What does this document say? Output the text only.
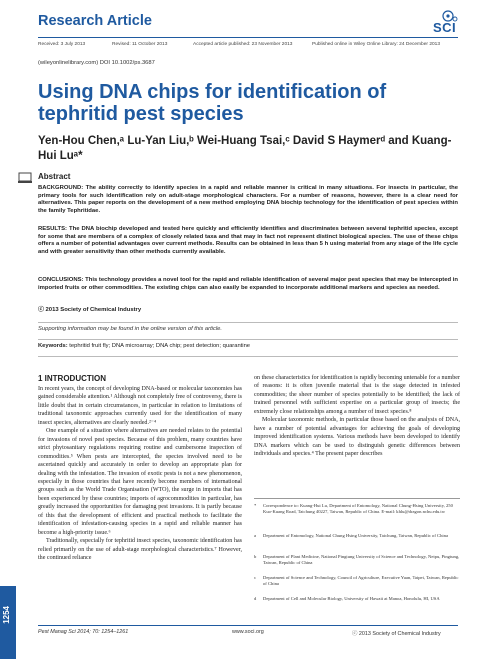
Research Article	SCI
Received: 3 July 2013	Revised: 11 October 2013	Accepted article published: 23 November 2013	Published online in Wiley Online Library: 24 December 2013
(wileyonlinelibrary.com) DOI 10.1002/ps.3687
Using DNA chips for identification of tephritid pest species
Yen-Hou Chen,ᵃ Lu-Yan Liu,ᵇ Wei-Huang Tsai,ᶜ David S Haymerᵈ and Kuang-Hui Luᵃ*
Abstract
BACKGROUND: The ability correctly to identify species in a rapid and reliable manner is critical in many situations. For insects in particular, the primary tools for such identification rely on adult-stage morphological characters. For a number of reasons, however, there is a clear need for alternatives. This paper reports on the development of a new method employing DNA biochip technology for the identification of pest species within the family Tephritidae.
RESULTS: The DNA biochip developed and tested here quickly and efficiently identifies and discriminates between several tephritid species, except for some that are members of a complex of closely related taxa and that may in fact not represent distinct biological species. The use of these chips offers a number of potential advantages over current methods. Results can be obtained in less than 5 h using material from any stage of the life cycle and with greater sensitivity than other methods currently available.
CONCLUSIONS: This technology provides a novel tool for the rapid and reliable identification of several major pest species that may be intercepted in imported fruits or other commodities. The existing chips can also easily be expanded to incorporate additional markers and species as needed.
ⓒ 2013 Society of Chemical Industry
Supporting information may be found in the online version of this article.
Keywords: tephritid fruit fly; DNA microarray; DNA chip; pest detection; quarantine
1 INTRODUCTION
In recent years, the concept of developing DNA-based or molecular taxonomies has gained considerable attention.¹ Although not completely free of controversy, there is little doubt that in certain circumstances, in particular in relation to limitations of traditional taxonomic approaches currently used for the identification of many insect species, alternatives are clearly needed.²⁻⁴
One example of a situation where alternatives are needed relates to the potential for invasions of novel pest species. Because of this problem, many countries have strict phytosanitary regulations requiring routine and cumbersome inspection of commodities.⁵ When pests are intercepted, the species involved need to be ascertained quickly and accurately in order to develop an appropriate plan for dealing with the infestation. The invasion of exotic pests is not a new phenomenon, especially in those countries that have recently become members of international groups such as the World Trade Organisation (WTO), the surge in imports that has been experienced by these countries; imports of agrocommodities in particular, has greatly increased the opportunities for damaging pest invasions. It is partly because of this that the development of efficient and practical methods to facilitate the identification of infestation-causing species in a rapid and reliable manner has become a high-priority issue.⁶
Traditionally, especially for tephritid insect species, taxonomic identification has relied primarily on the use of adult-stage morphological characteristics.⁷ However, the continued reliance
on these characteristics for identification is rapidly becoming untenable for a number of reasons: it is often juvenile material that is the stage detected in infested commodities; the sheer number of species potentially to be identified; the lack of trained personnel with sufficient expertise on a particular group of insects; the extremely close relationships among a number of insect species.⁸
Molecular taxonomic methods, in particular those based on the analysis of DNA, have a number of potential advantages for achieving the goals of developing improved identification systems. Various methods have been developed to identify DNA markers which can be used to distinguish genetic differences between individuals and species.⁴ The present paper describes
* Correspondence to: Kuang-Hui Lu, Department of Entomology, National Chung-Hsing University, 250 Kuo-Kuang Road, Taichung 40227, Taiwan, Republic of China. E-mail: khlu@dragon.nchu.edu.tw
a Department of Entomology, National Chung Hsing University, Taichung, Taiwan, Republic of China
b Department of Plant Medicine, National Pingtung University of Science and Technology, Neipu, Pingtung, Taiwan, Republic of China
c Department of Science and Technology, Council of Agriculture, Executive Yuan, Taipei, Taiwan, Republic of China
d Department of Cell and Molecular Biology, University of Hawaii at Manoa, Honolulu, HI, USA
1254
Pest Manag Sci 2014; 70: 1254–1261	www.soci.org	ⓒ 2013 Society of Chemical Industry
